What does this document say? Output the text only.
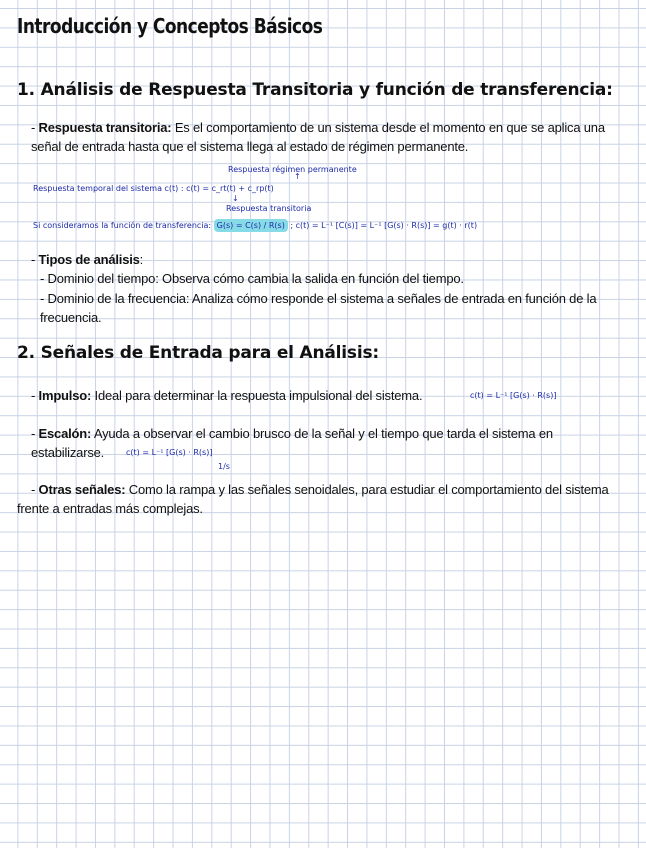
Introducción y Conceptos Básicos
1. Análisis de Respuesta Transitoria y función de transferencia:
- Respuesta transitoria: Es el comportamiento de un sistema desde el momento en que se aplica una señal de entrada hasta que el sistema llega al estado de régimen permanente.
Respuesta régimen permanente
↑
Respuesta temporal del sistema c(t) : c(t) = c_rt(t) + c_rp(t)
↓
Respuesta transitoria
Si consideramos la función de transferencia: G(s) = C(s) / R(s) ; c(t) = L⁻¹ [C(s)] = L⁻¹ [G(s) · R(s)] = g(t) · r(t)
- Tipos de análisis:
- Dominio del tiempo: Observa cómo cambia la salida en función del tiempo.
- Dominio de la frecuencia: Analiza cómo responde el sistema a señales de entrada en función de la frecuencia.
2. Señales de Entrada para el Análisis:
- Impulso: Ideal para determinar la respuesta impulsional del sistema.	c(t) = L⁻¹ [G(s) · R(s)]
- Escalón: Ayuda a observar el cambio brusco de la señal y el tiempo que tarda el sistema en estabilizarse.	c(t) = L⁻¹ [G(s) · R(s)]
1/s
- Otras señales: Como la rampa y las señales senoidales, para estudiar el comportamiento del sistema frente a entradas más complejas.
